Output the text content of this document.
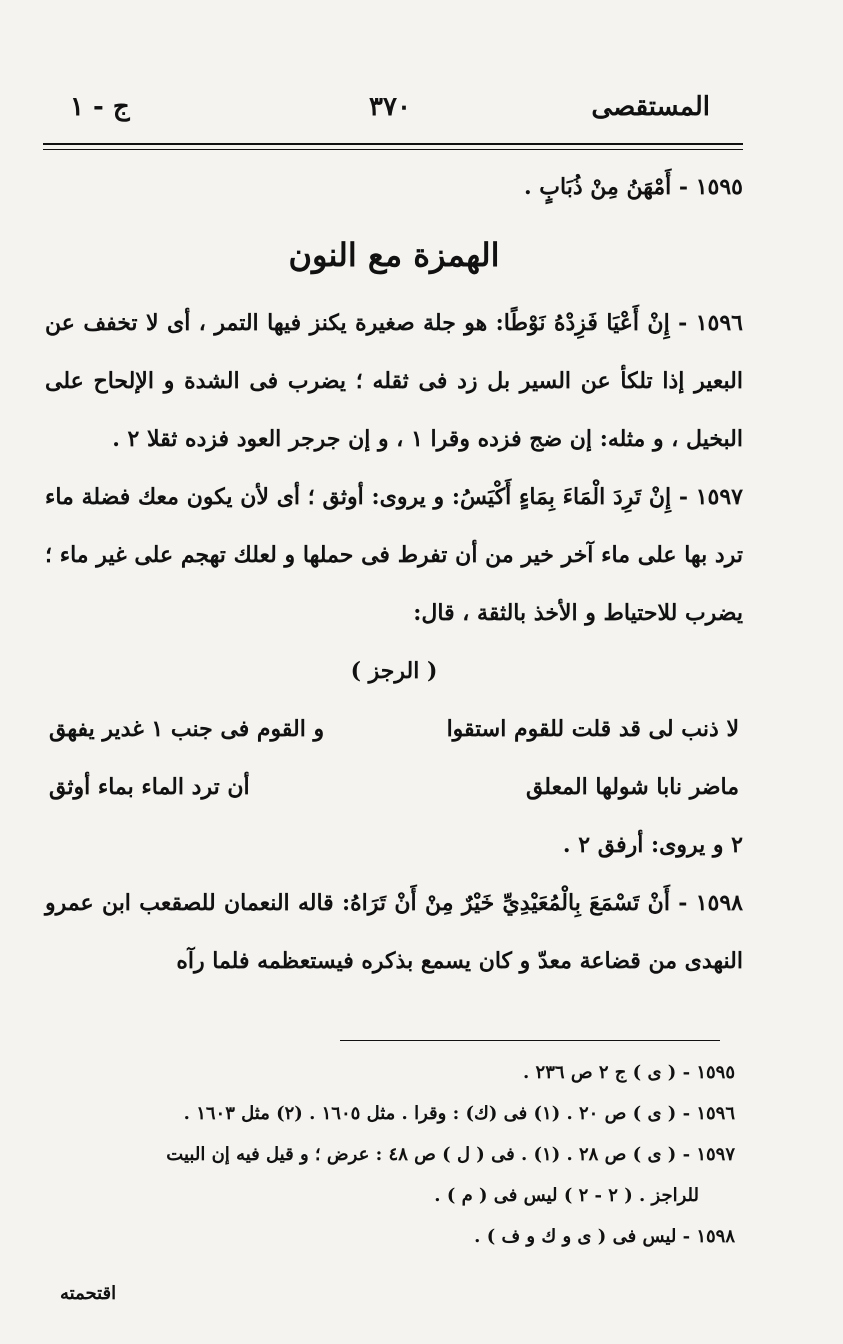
المستقصى
٣٧٠
ج - ١

١٥٩٥ - أَمْهَنُ مِنْ ذُبَابٍ .

الهمزة مع النون

١٥٩٦ - إِنْ أَعْيَا فَزِدْهُ نَوْطًا: هو جلة صغيرة يكنز فيها التمر ، أى لا تخفف عن البعير إذا تلكأ عن السير بل زد فى ثقله ؛ يضرب فى الشدة و الإلحاح على البخيل ، و مثله: إن ضج فزده وقرا ١ ، و إن جرجر العود فزده ثقلا ٢ .

١٥٩٧ - إِنْ تَرِدَ الْمَاءَ بِمَاءٍ أَكْيَسُ: و يروى: أوثق ؛ أى لأن يكون معك فضلة ماء ترد بها على ماء آخر خير من أن تفرط فى حملها و لعلك تهجم على غير ماء ؛ يضرب للاحتياط و الأخذ بالثقة ، قال:

( الرجز )

لا ذنب لى قد قلت للقوم استقوا
و القوم فى جنب ١ غدير يفهق
ماضر نابا شولها المعلق
أن ترد الماء بماء أوثق

٢ و يروى: أرفق ٢ .

١٥٩٨ - أَنْ تَسْمَعَ بِالْمُعَيْدِيِّ خَيْرٌ مِنْ أَنْ تَرَاهُ: قاله النعمان للصقعب ابن عمرو النهدى من قضاعة معدّ و كان يسمع بذكره فيستعظمه فلما رآه

١٥٩٥ - ( ى ) ج ٢ ص ٢٣٦ .

١٥٩٦ - ( ى ) ص ٢٠ . (١) فى (ك) : وقرا . مثل ١٦٠٥ . (٢) مثل ١٦٠٣ .

١٥٩٧ - ( ى ) ص ٢٨ . (١) . فى ( ل ) ص ٤٨ : عرض ؛ و قيل فيه إن البيت

للراجز . ( ٢ - ٢ ) ليس فى ( م ) .

١٥٩٨ - ليس فى ( ى و ك و ف ) .

اقتحمته
